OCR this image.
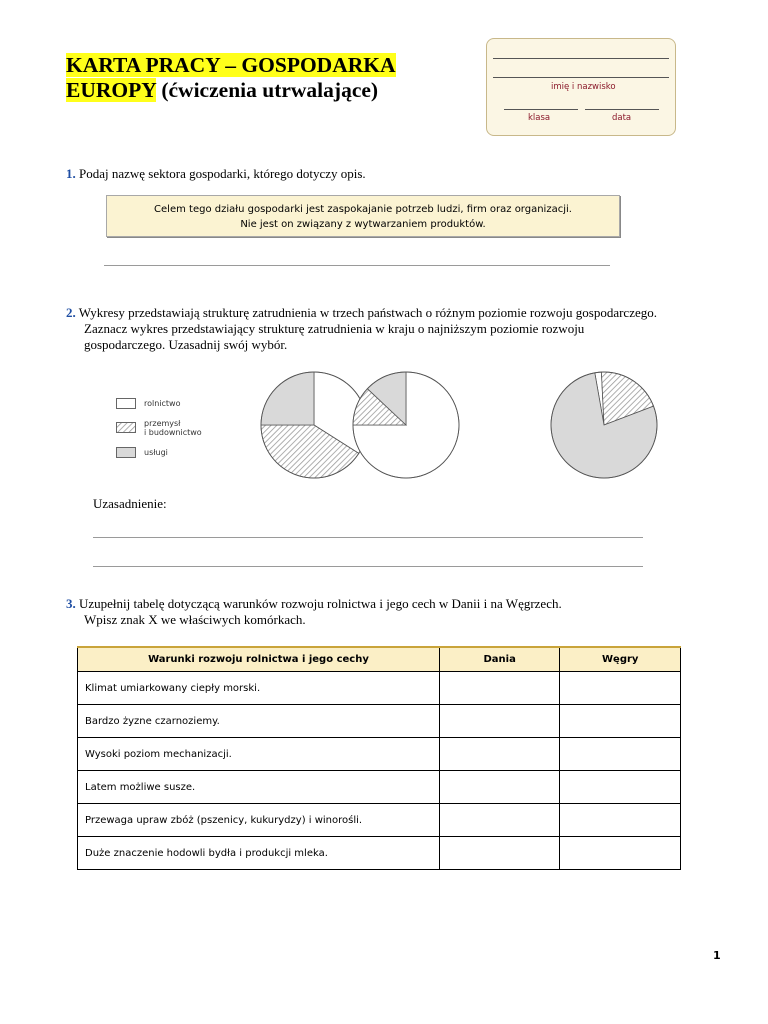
KARTA PRACY – GOSPODARKA
EUROPY (ćwiczenia utrwalające)	imię i nazwisko
klasa	data
1. Podaj nazwę sektora gospodarki, którego dotyczy opis.
Celem tego działu gospodarki jest zaspokajanie potrzeb ludzi, firm oraz organizacji.
Nie jest on związany z wytwarzaniem produktów.
2. Wykresy przedstawiają strukturę zatrudnienia w trzech państwach o różnym poziomie rozwoju gospodarczego.
Zaznacz wykres przedstawiający strukturę zatrudnienia w kraju o najniższym poziomie rozwoju
gospodarczego. Uzasadnij swój wybór.
rolnictwo
przemysł
i budownictwo
usługi
Uzasadnienie:
3. Uzupełnij tabelę dotyczącą warunków rozwoju rolnictwa i jego cech w Danii i na Węgrzech.
Wpisz znak X we właściwych komórkach.
Warunki rozwoju rolnictwa i jego cechy	Dania	Węgry
Klimat umiarkowany ciepły morski.		
Bardzo żyzne czarnoziemy.		
Wysoki poziom mechanizacji.		
Latem możliwe susze.		
Przewaga upraw zbóż (pszenicy, kukurydzy) i winorośli.		
Duże znaczenie hodowli bydła i produkcji mleka.		
1
